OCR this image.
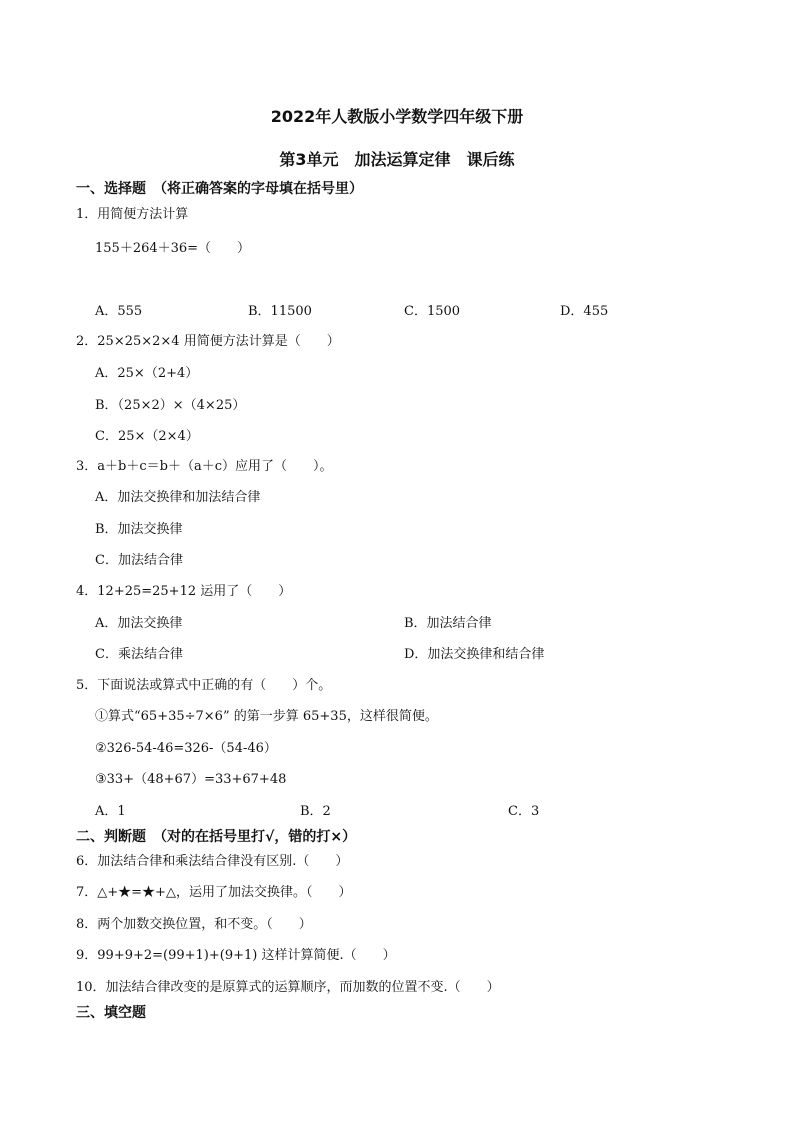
2022年人教版小学数学四年级下册
第3单元　加法运算定律　课后练
一、选择题　（将正确答案的字母填在括号里）
1．用简便方法计算
155＋264＋36=（　　）
A．555	B．11500	C．1500	D．455
2．25×25×2×4 用简便方法计算是（　　）
A．25×（2+4）
B．（25×2）×（4×25）
C．25×（2×4）
3．a＋b＋c＝b＋（a＋c）应用了（　　）。
A．加法交换律和加法结合律
B．加法交换律
C．加法结合律
4．12+25=25+12 运用了（　　）
A．加法交换律	B．加法结合律
C．乘法结合律	D．加法交换律和结合律
5．下面说法或算式中正确的有（　　）个。
①算式“65+35÷7×6” 的第一步算 65+35，这样很简便。
②326-54-46=326-（54-46）
③33+（48+67）=33+67+48
A．1	B．2	C．3
二、判断题　（对的在括号里打√，错的打×）
6．加法结合律和乘法结合律没有区别.（　　）
7．△+★=★+△，运用了加法交换律。（　　）
8．两个加数交换位置，和不变。（　　）
9．99+9+2=(99+1)+(9+1) 这样计算简便.（　　）
10．加法结合律改变的是原算式的运算顺序，而加数的位置不变.（　　）
三、填空题
